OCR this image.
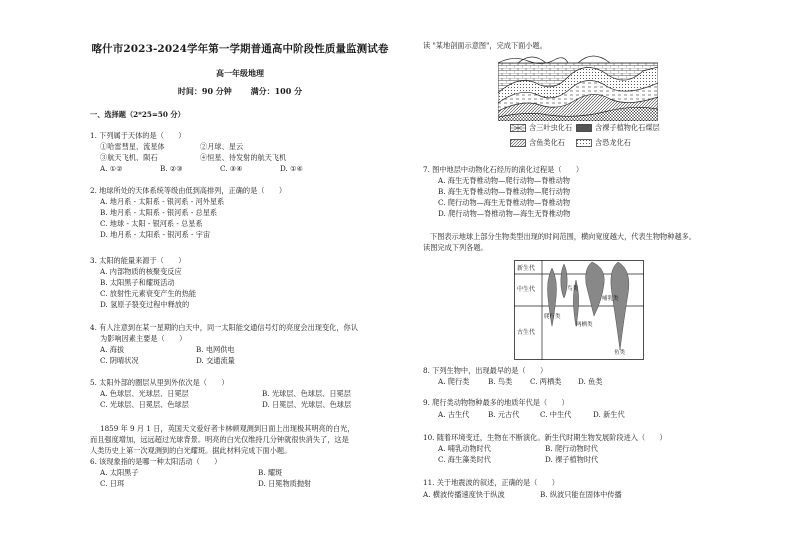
喀什市2023-2024学年第一学期普通高中阶段性质量监测试卷
高一年级地理
时间：90 分钟 满分：100 分
一、选择题（2*25=50 分）
1. 下列属于天体的是（　　）
①哈雷彗星、流星体	②月球、星云
③航天飞机、陨石	④恒星、待发射的航天飞机
A. ①②	B. ②③	C. ③④	D. ①④
2. 地球所处的天体系统等级由低到高排列，正确的是（　　）
A. 地月系 - 太阳系 - 银河系 - 河外星系
B. 地月系 - 太阳系 - 银河系 - 总星系
C. 地球 - 太阳 - 银河系 - 总星系
D. 地月系 - 太阳系 - 银河系 - 宇宙
3. 太阳的能量来源于（　　）
A. 内部物质的核聚变反应
B. 太阳黑子和耀斑活动
C. 放射性元素衰变产生的热能
D. 氢原子裂变过程中释放的
4. 有人注意到在某一星期的白天中，同一太阳能交通信号灯的亮度会出现变化，你认
为影响因素主要是（　　）
A. 海拔	B. 电网供电
C. 阴晴状况	D. 交通流量
5. 太阳外部的圈层从里到外依次是（　　）
A. 色球层、光球层、日冕层	B. 光球层、色球层、日冕层
C. 光球层、日冕层、色球层	D. 日冕层、光球层、色球层
1859 年 9 月 1 日，英国天文爱好者卡林顿观测到日面上出现极其明亮的白光，
而且强度增加，远远超过光球背景。明亮的白光仅维持几分钟就很快消失了，这是
人类历史上第一次观测到的白光耀斑。据此材料完成下面小题。
6. 该现象指的是哪一种太阳活动（　　）
A. 太阳黑子	B. 耀斑
C. 日珥	D. 日冕物质抛射
读 "某地剖面示意图"，完成下面小题。
含三叶虫化石	含裸子植物化石煤层
含鱼类化石	含恐龙化石
7. 图中地层中动物化石经历的演化过程是（　　）
A. 海生无脊椎动物—爬行动物—脊椎动物
B. 海生无脊椎动物—脊椎动物—爬行动物
C. 爬行动物—海生无脊椎动物—脊椎动物
D. 爬行动物—脊椎动物—海生无脊椎动物
下图表示地球上部分生物类型出现的时间范围，横向宽度越大，代表生物物种越多。
读图完成下列各题。
新生代
中生代
古生代
鸟类
哺乳类
爬行类
两栖类
鱼类
8. 下列生物中，出现最早的是（　　）
A. 爬行类	B. 鸟类 C. 两栖类 D. 鱼类
9. 爬行类动物物种最多的地质年代是（　　）
A. 古生代	B. 元古代	C. 中生代	D. 新生代
10. 随着环境变迁，生物在不断演化。新生代时期生物发展阶段进入（　　）
A. 哺乳动物时代	B. 爬行动物时代
C. 海生藻类时代	D. 裸子植物时代
11. 关于地震波的叙述，正确的是（　　）
A. 横波传播速度快于纵波	B. 纵波只能在固体中传播
